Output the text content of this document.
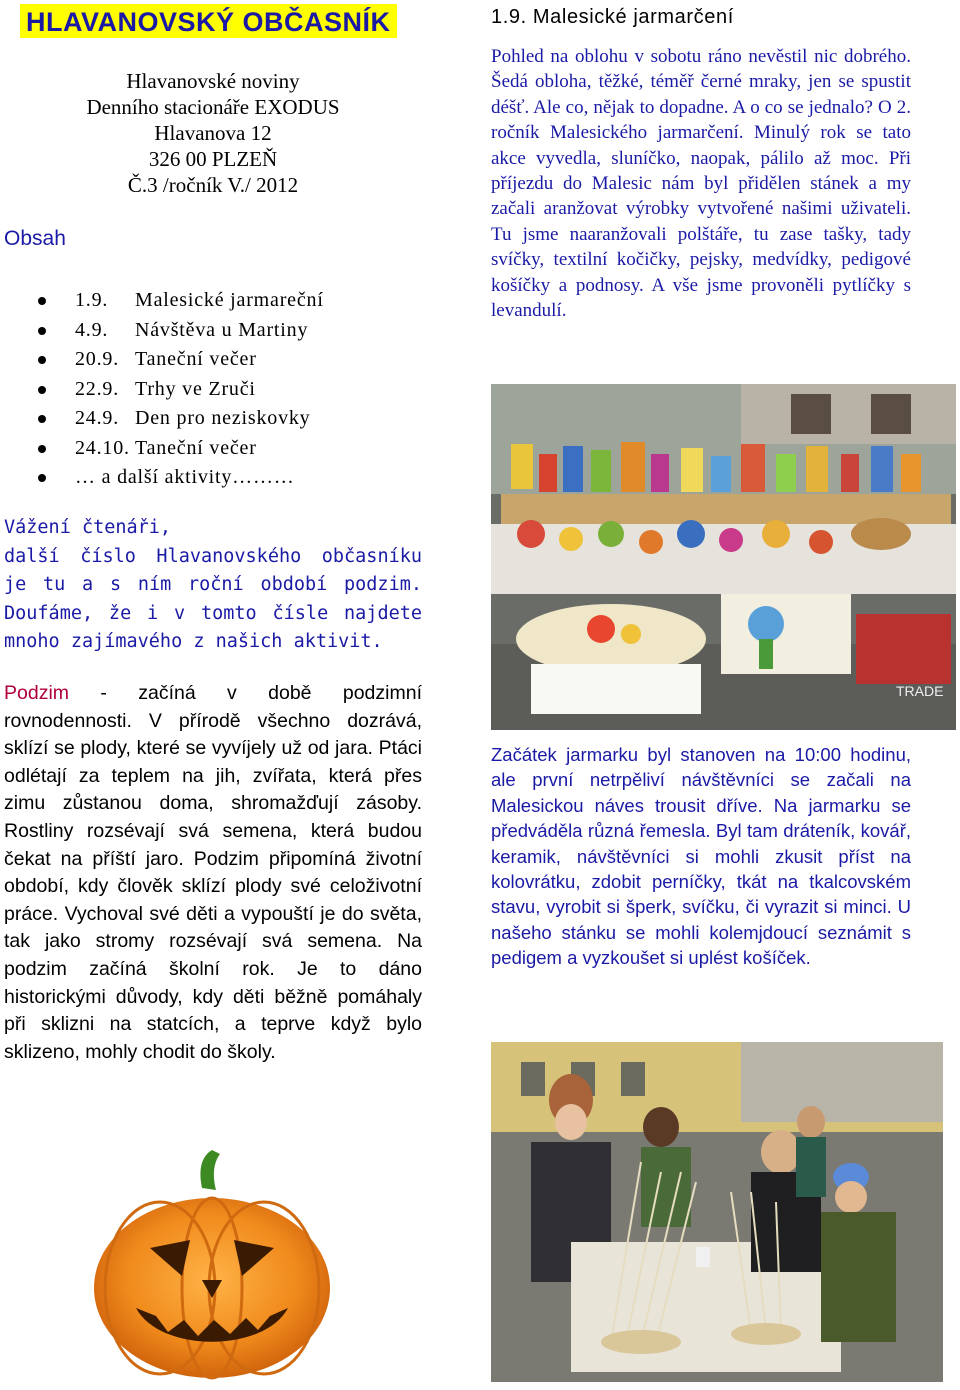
HLAVANOVSKÝ OBČASNÍK
Hlavanovské noviny
Denního stacionáře EXODUS
Hlavanova 12
326 00 PLZEŇ
Č.3 /ročník V./ 2012
Obsah
1.9. Malesické jarmareční
4.9. Návštěva u Martiny
20.9. Taneční večer
22.9. Trhy ve Zruči
24.9. Den pro neziskovky
24.10. Taneční večer
… a další aktivity………

Vážení čtenáři,

další číslo Hlavanovského občasníku je tu a s ním roční období podzim. Doufáme, že i v tomto čísle najdete mnoho zajímavého z našich aktivit.

Podzim - začíná v době podzimní rovnodennosti. V přírodě všechno dozrává, sklízí se plody, které se vyvíjely už od jara. Ptáci odlétají za teplem na jih, zvířata, která přes zimu zůstanou doma, shromažďují zásoby. Rostliny rozsévají svá semena, která budou čekat na příští jaro. Podzim připomíná životní období, kdy člověk sklízí plody své celoživotní práce. Vychoval své děti a vypouští je do světa, tak jako stromy rozsévají svá semena. Na podzim začíná školní rok. Je to dáno historickými důvody, kdy děti běžně pomáhaly při sklizni na statcích, a teprve když bylo sklizeno, mohly chodit do školy.

1.9. Malesické jarmarčení

Pohled na oblohu v sobotu ráno nevěstil nic dobrého. Šedá obloha, těžké, téměř černé mraky, jen se spustit déšť. Ale co, nějak to dopadne. A o co se jednalo? O 2. ročník Malesického jarmarčení. Minulý rok se tato akce vyvedla, sluníčko, naopak, pálilo až moc. Při příjezdu do Malesic nám byl přidělen stánek a my začali aranžovat výrobky vytvořené našimi uživateli. Tu jsme naaranžovali polštáře, tu zase tašky, tady svíčky, textilní kočičky, pejsky, medvídky, pedigové košíčky a podnosy. A vše jsme provoněli pytlíčky s levandulí.

TRADE

Začátek jarmarku byl stanoven na 10:00 hodinu, ale první netrpěliví návštěvníci se začali na Malesickou náves trousit dříve. Na jarmarku se předváděla různá řemesla. Byl tam dráteník, kovář, keramik, návštěvníci si mohli zkusit příst na kolovrátku, zdobit perníčky, tkát na tkalcovském stavu, vyrobit si šperk, svíčku, či vyrazit si minci. U našeho stánku se mohli kolemjdoucí seznámit s pedigem a vyzkoušet si uplést košíček.
